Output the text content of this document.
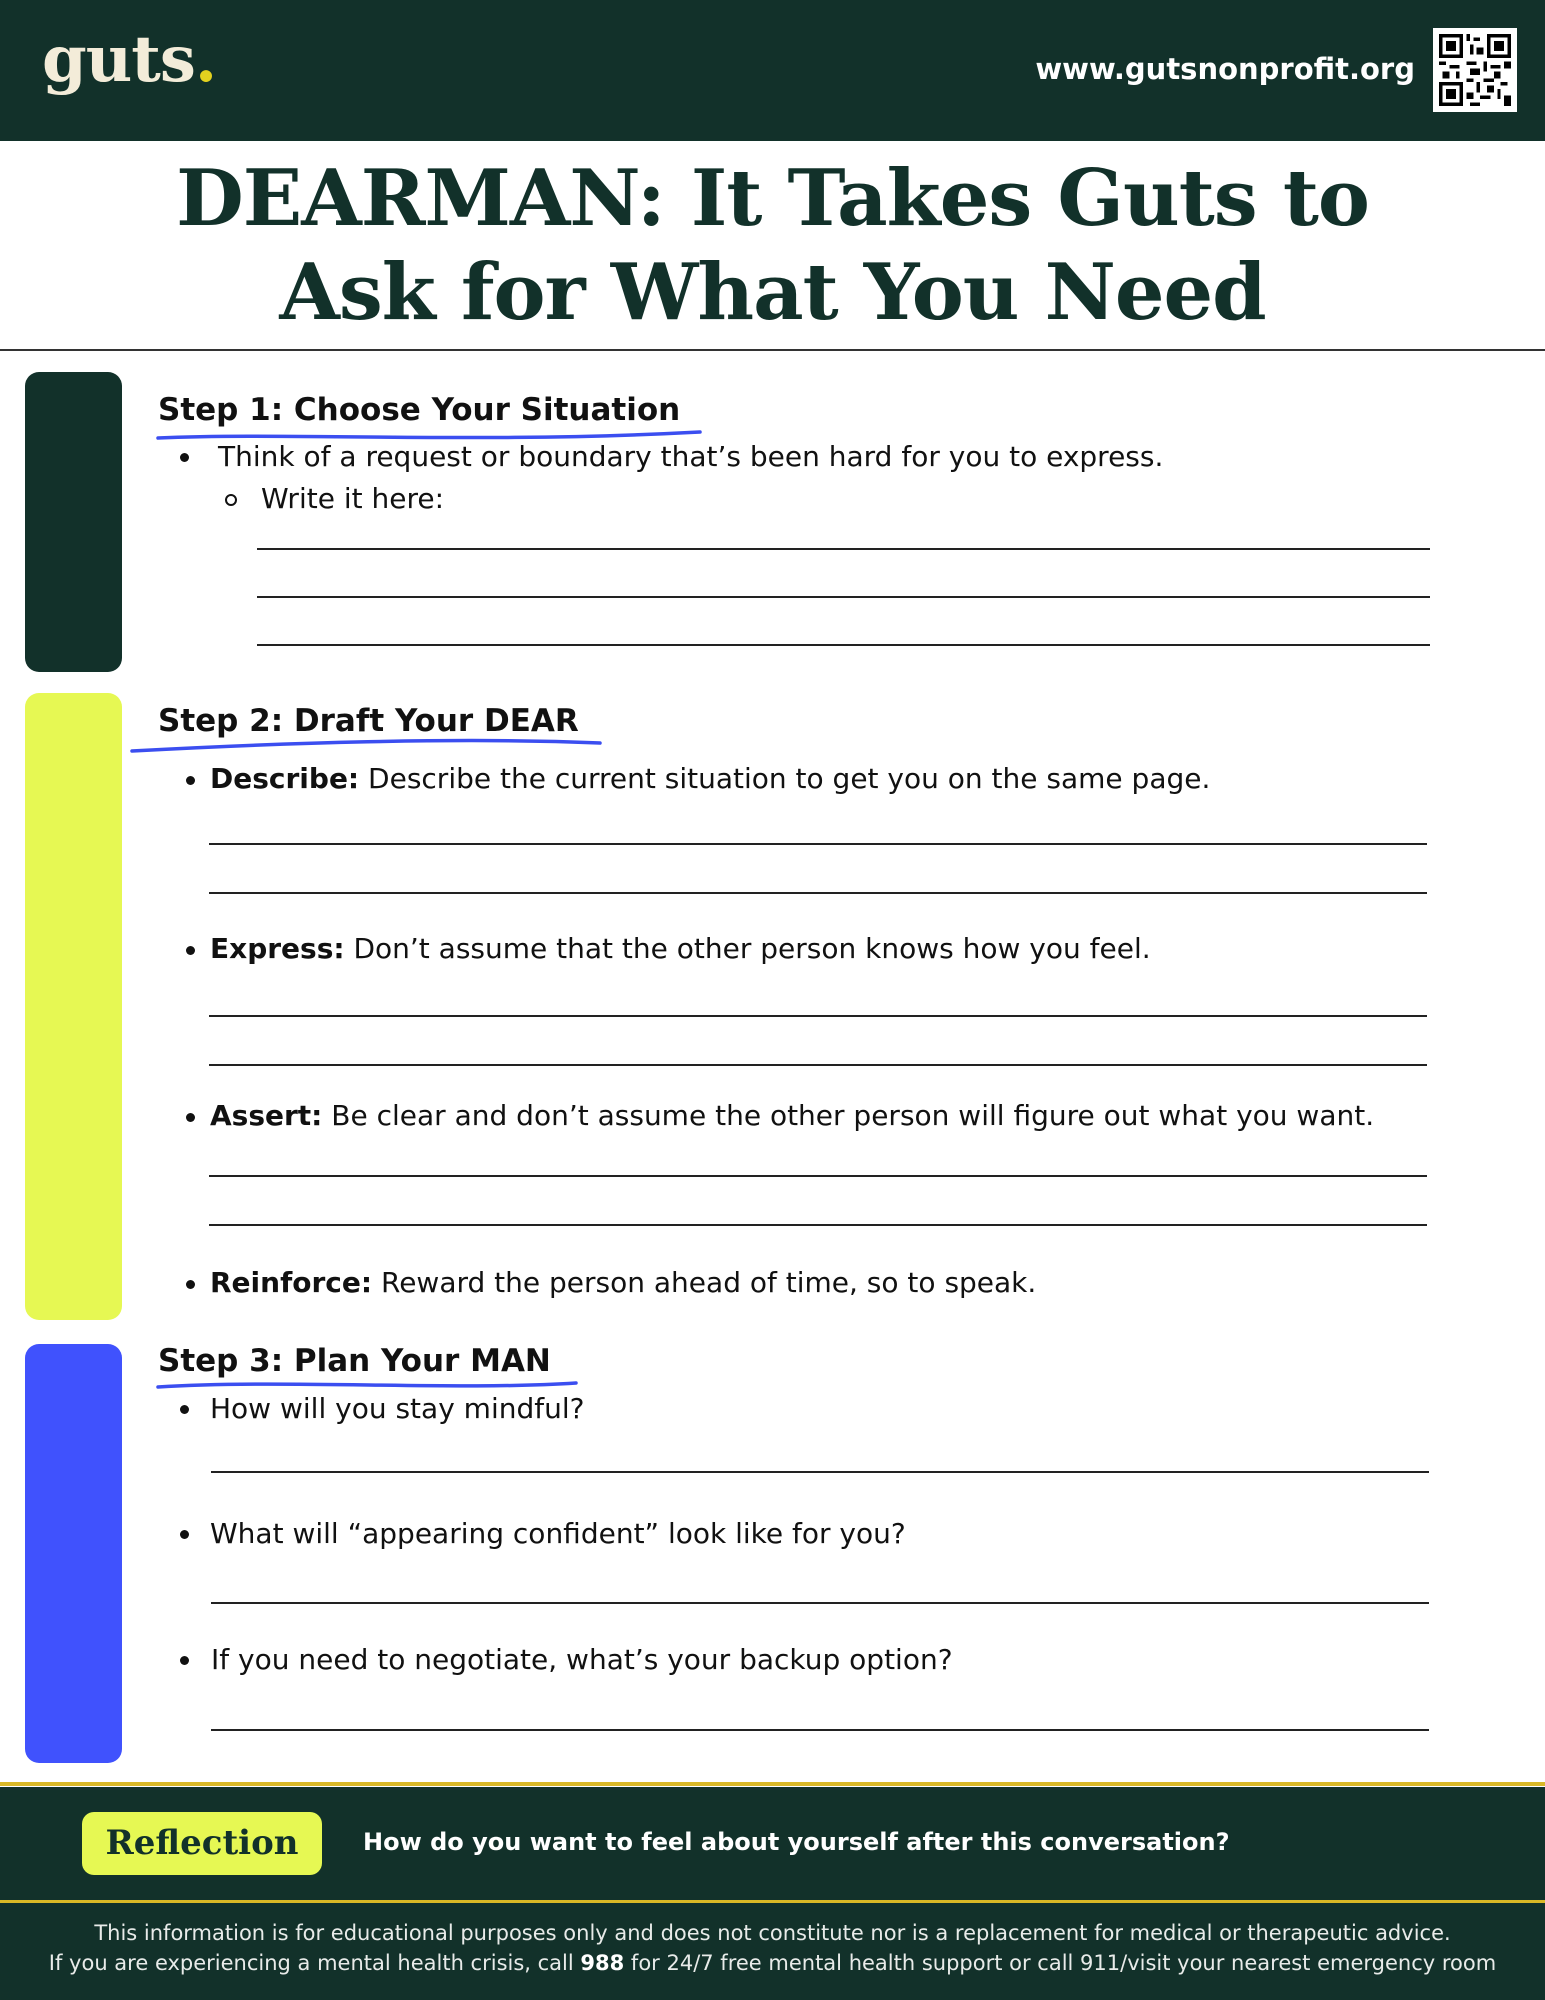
guts.	www.gutsnonprofit.org
DEARMAN: It Takes Guts to
Ask for What You Need
Step 1: Choose Your Situation
Think of a request or boundary that’s been hard for you to express.
Write it here:
Step 2: Draft Your DEAR
Describe: Describe the current situation to get you on the same page.
Express: Don’t assume that the other person knows how you feel.
Assert: Be clear and don’t assume the other person will figure out what you want.
Reinforce: Reward the person ahead of time, so to speak.
Step 3: Plan Your MAN
How will you stay mindful?
What will “appearing confident” look like for you?
If you need to negotiate, what’s your backup option?
Reflection	How do you want to feel about yourself after this conversation?
This information is for educational purposes only and does not constitute nor is a replacement for medical or therapeutic advice.
If you are experiencing a mental health crisis, call 988 for 24/7 free mental health support or call 911/visit your nearest emergency room
